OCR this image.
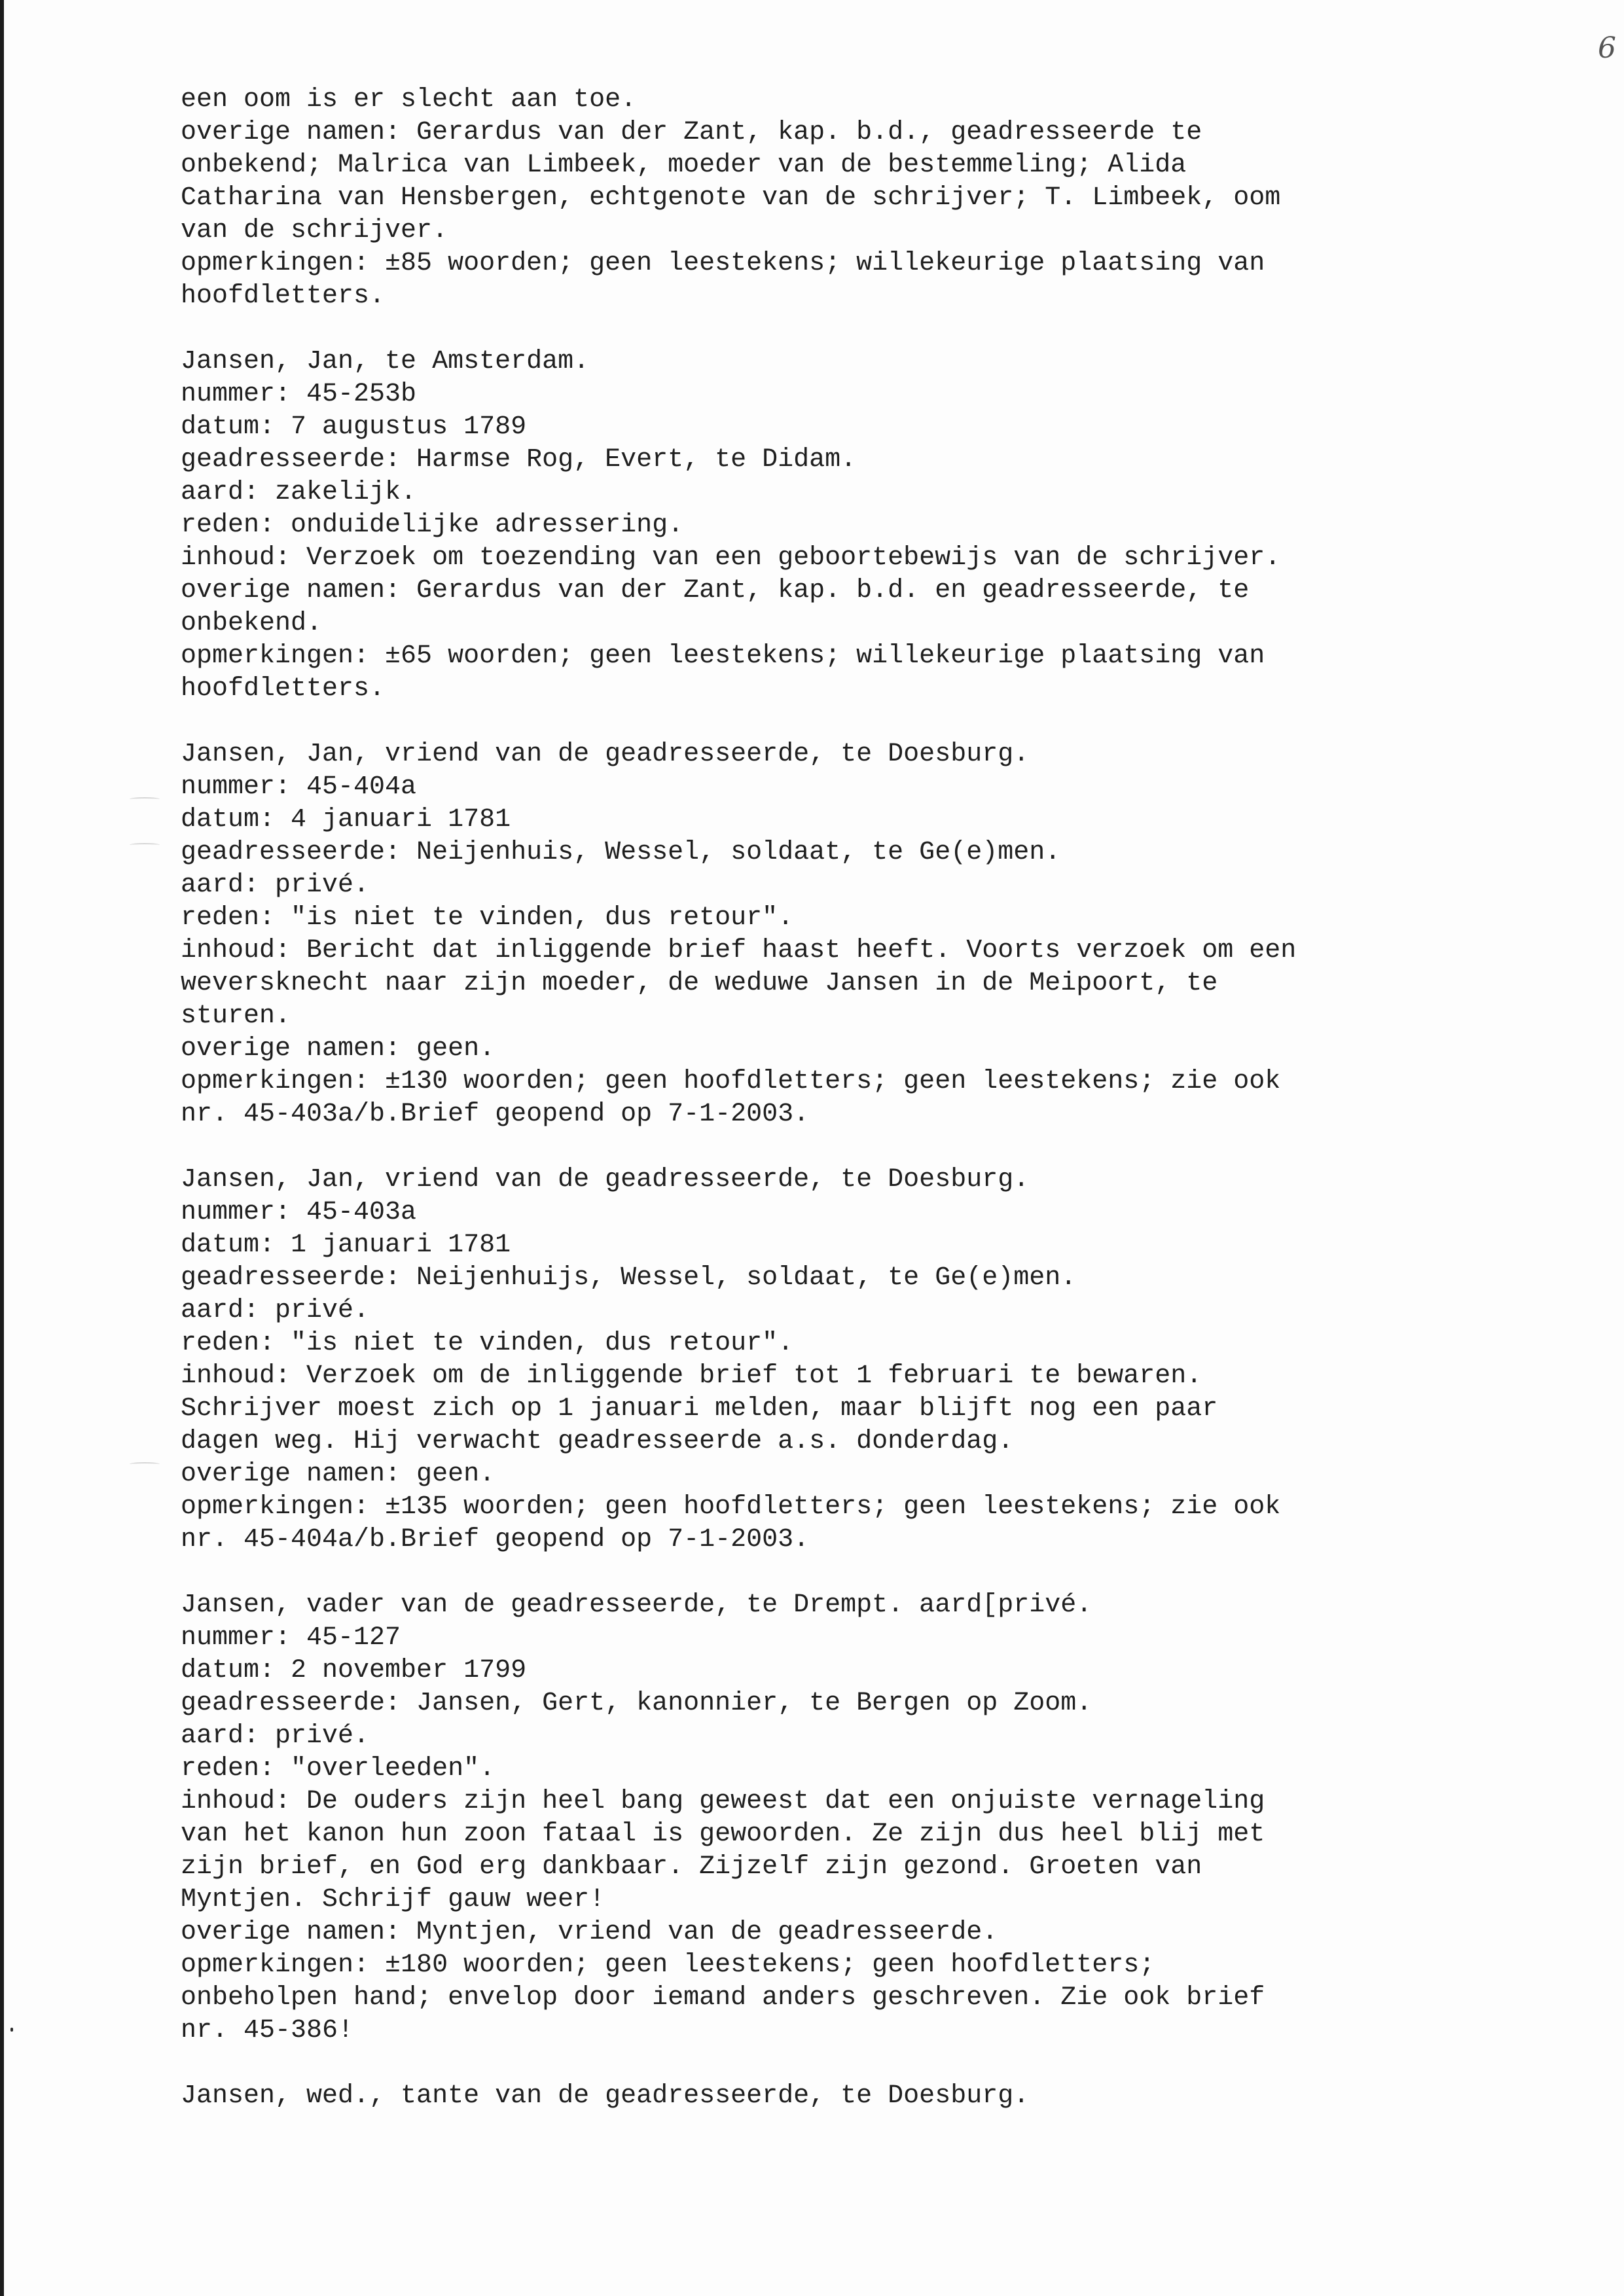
6
een oom is er slecht aan toe.
overige namen: Gerardus van der Zant, kap. b.d., geadresseerde te
onbekend; Malrica van Limbeek, moeder van de bestemmeling; Alida
Catharina van Hensbergen, echtgenote van de schrijver; T. Limbeek, oom
van de schrijver.
opmerkingen: ±85 woorden; geen leestekens; willekeurige plaatsing van
hoofdletters.
Jansen, Jan, te Amsterdam.
nummer: 45-253b
datum: 7 augustus 1789
geadresseerde: Harmse Rog, Evert, te Didam.
aard: zakelijk.
reden: onduidelijke adressering.
inhoud: Verzoek om toezending van een geboortebewijs van de schrijver.
overige namen: Gerardus van der Zant, kap. b.d. en geadresseerde, te
onbekend.
opmerkingen: ±65 woorden; geen leestekens; willekeurige plaatsing van
hoofdletters.
Jansen, Jan, vriend van de geadresseerde, te Doesburg.
nummer: 45-404a
datum: 4 januari 1781
geadresseerde: Neijenhuis, Wessel, soldaat, te Ge(e)men.
aard: privé.
reden: "is niet te vinden, dus retour".
inhoud: Bericht dat inliggende brief haast heeft. Voorts verzoek om een
weversknecht naar zijn moeder, de weduwe Jansen in de Meipoort, te
sturen.
overige namen: geen.
opmerkingen: ±130 woorden; geen hoofdletters; geen leestekens; zie ook
nr. 45-403a/b.Brief geopend op 7-1-2003.
Jansen, Jan, vriend van de geadresseerde, te Doesburg.
nummer: 45-403a
datum: 1 januari 1781
geadresseerde: Neijenhuijs, Wessel, soldaat, te Ge(e)men.
aard: privé.
reden: "is niet te vinden, dus retour".
inhoud: Verzoek om de inliggende brief tot 1 februari te bewaren.
Schrijver moest zich op 1 januari melden, maar blijft nog een paar
dagen weg. Hij verwacht geadresseerde a.s. donderdag.
overige namen: geen.
opmerkingen: ±135 woorden; geen hoofdletters; geen leestekens; zie ook
nr. 45-404a/b.Brief geopend op 7-1-2003.
Jansen, vader van de geadresseerde, te Drempt. aard[privé.
nummer: 45-127
datum: 2 november 1799
geadresseerde: Jansen, Gert, kanonnier, te Bergen op Zoom.
aard: privé.
reden: "overleeden".
inhoud: De ouders zijn heel bang geweest dat een onjuiste vernageling
van het kanon hun zoon fataal is gewoorden. Ze zijn dus heel blij met
zijn brief, en God erg dankbaar. Zijzelf zijn gezond. Groeten van
Myntjen. Schrijf gauw weer!
overige namen: Myntjen, vriend van de geadresseerde.
opmerkingen: ±180 woorden; geen leestekens; geen hoofdletters;
onbeholpen hand; envelop door iemand anders geschreven. Zie ook brief
nr. 45-386!
Jansen, wed., tante van de geadresseerde, te Doesburg.
